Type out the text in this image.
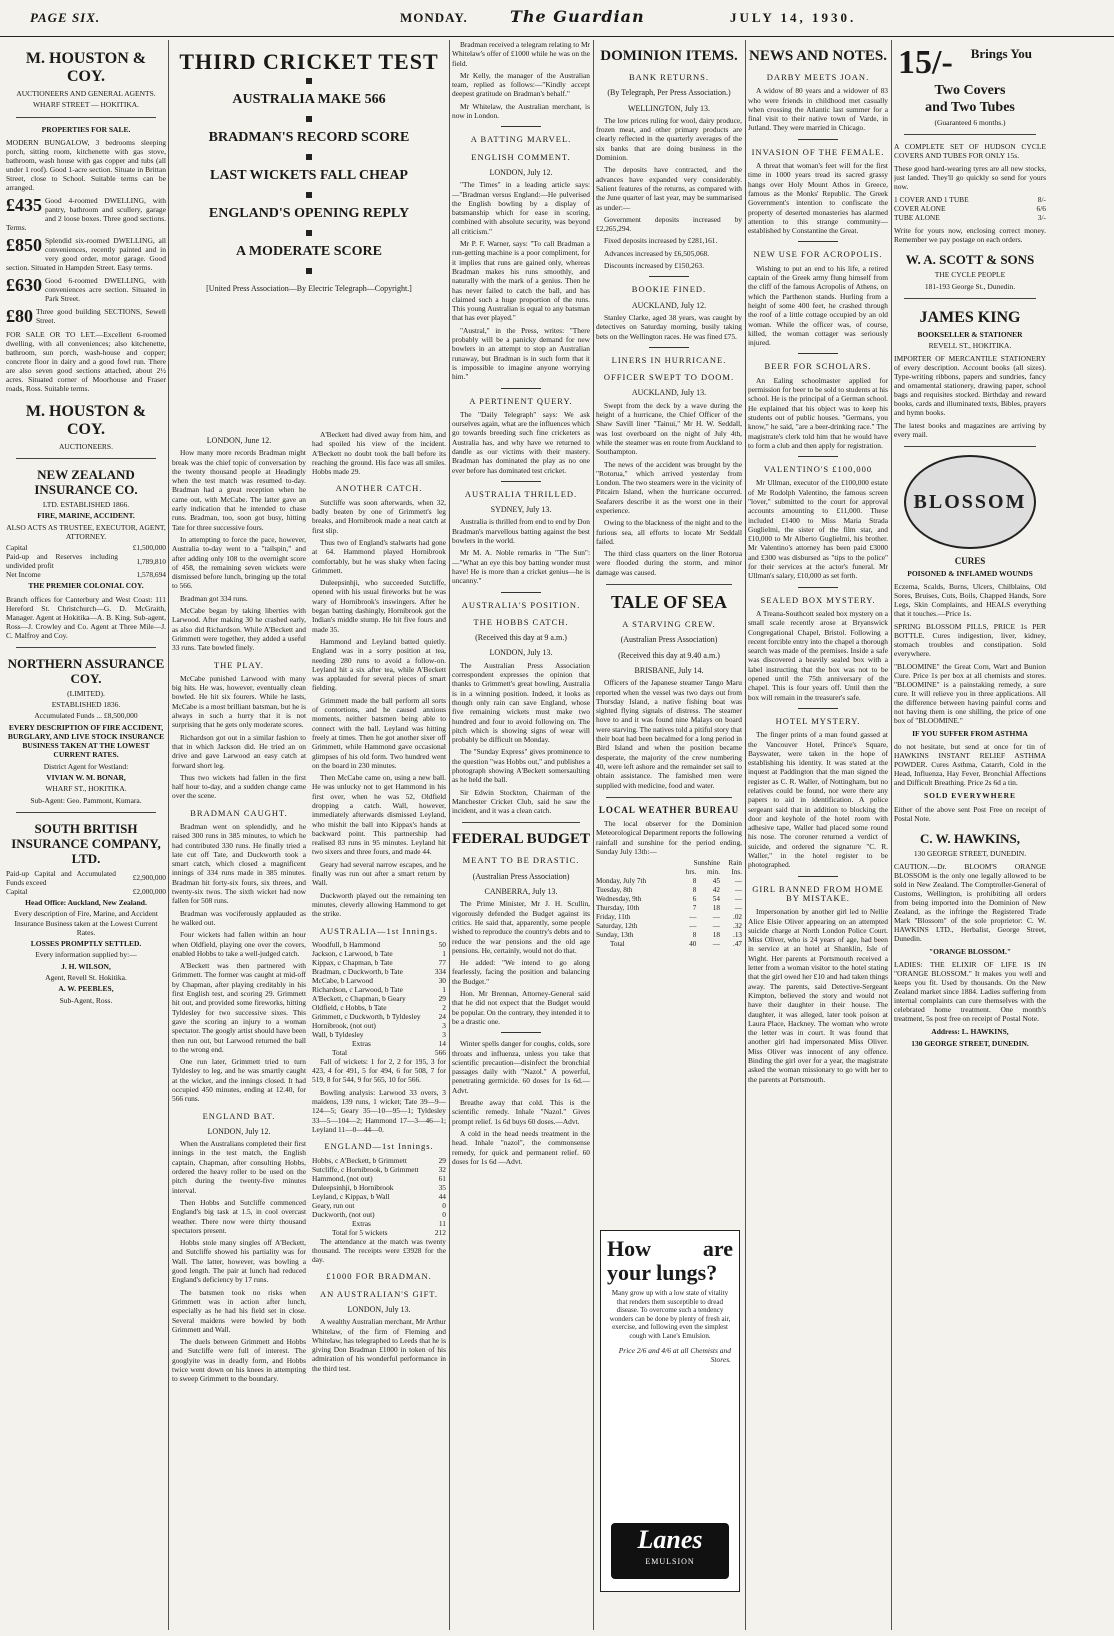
PAGE SIX.	MONDAY.	The Guardian	JULY 14, 1930.
M. HOUSTON & COY.
AUCTIONEERS AND GENERAL AGENTS.
WHARF STREET — HOKITIKA.
PROPERTIES FOR SALE.
MODERN BUNGALOW, 3 bedrooms sleeping porch, sitting room, kitchenette with gas stove, bathroom, wash house with gas copper and tubs (all under 1 roof). Good 1-acre section. Situate in Brittan Street, close to School. Suitable terms can be arranged.
£435 Good 4-roomed DWELLING, with pantry, bathroom and scullery, garage and 2 loose boxes. Three good sections. Terms.
£850 Splendid six-roomed DWELLING, all conveniences, recently painted and in very good order, motor garage. Good section. Situated in Hampden Street. Easy terms.
£630 Good 6-roomed DWELLING, with conveniences acre section. Situated in Park Street.
£80 Three good building SECTIONS, Sewell Street.
FOR SALE OR TO LET.—Excellent 6-roomed dwelling, with all conveniences; also kitchenette, bathroom, sun porch, wash-house and copper; concrete floor in dairy and a good fowl run. There are also seven good sections attached, about 2½ acres. Situated corner of Moorhouse and Fraser roads, Ross. Suitable terms.
M. HOUSTON & COY.
AUCTIONEERS.
NEW ZEALAND INSURANCE CO.
LTD. ESTABLISHED 1866.
FIRE, MARINE, ACCIDENT.
ALSO ACTS AS TRUSTEE, EXECUTOR, AGENT, ATTORNEY.
Capital	£1,500,000
Paid-up and Reserves including undivided profit	1,789,810
Net Income	1,578,694
THE PREMIER COLONIAL COY.
Branch offices for Canterbury and West Coast: 111 Hereford St. Christchurch—G. D. McGraith, Manager. Agent at Hokitika—A. B. King. Sub-agent, Ross—J. Crowley and Co. Agent at Three Mile—J. C. Malfroy and Coy.
NORTHERN ASSURANCE COY.
(LIMITED).
ESTABLISHED 1836.
Accumulated Funds ... £8,500,000
EVERY DESCRIPTION OF FIRE ACCIDENT, BURGLARY, AND LIVE STOCK INSURANCE BUSINESS TAKEN AT THE LOWEST CURRENT RATES.
District Agent for Westland:
VIVIAN W. M. BONAR,
WHARF ST., HOKITIKA.
Sub-Agent: Geo. Pammont, Kumara.
SOUTH BRITISH INSURANCE COMPANY, LTD.
Paid-up Capital and Accumulated Funds exceed	£2,900,000
Capital	£2,000,000
Head Office: Auckland, New Zealand.
Every description of Fire, Marine, and Accident Insurance Business taken at the Lowest Current Rates.
LOSSES PROMPTLY SETTLED.
Every information supplied by:—
J. H. WILSON,
Agent, Revell St. Hokitika.
A. W. PEEBLES,
Sub-Agent, Ross.
THIRD CRICKET TEST
AUSTRALIA MAKE 566
BRADMAN'S RECORD SCORE
LAST WICKETS FALL CHEAP
ENGLAND'S OPENING REPLY
A MODERATE SCORE
[United Press Association—By Electric Telegraph—Copyright.]
LONDON, June 12.

How many more records Bradman might break was the chief topic of conversation by the twenty thousand people at Headingly when the test match was resumed to-day. Bradman had a great reception when he came out, with McCabe. The latter gave an early indication that he intended to chase runs. Bradman, too, soon got busy, hitting Tate for three successive fours.

In attempting to force the pace, however, Australia to-day went to a "tailspin," and after adding only 108 to the overnight score of 458, the remaining seven wickets were dismissed before lunch, bringing up the total to 566.

Bradman got 334 runs.

McCabe began by taking liberties with Larwood. After making 30 he crashed early, as also did Richardson. While A'Beckett and Grimmett were together, they added a useful 33 runs. Tate bowled finely.

THE PLAY.

McCabe punished Larwood with many big hits. He was, however, eventually clean bowled. He hit six fourers. While he lasts, McCabe is a most brilliant batsman, but he is always in such a hurry that it is not surprising that he gets only moderate scores.

Richardson got out in a similar fashion to that in which Jackson did. He tried an on drive and gave Larwood an easy catch at forward short leg.

Thus two wickets had fallen in the first half hour to-day, and a sudden change came over the scene.

BRADMAN CAUGHT.

Bradman went on splendidly, and he raised 300 runs in 385 minutes, to which he had contributed 330 runs. He finally tried a late cut off Tate, and Duckworth took a smart catch, which closed a magnificent innings of 334 runs made in 385 minutes. Bradman hit forty-six fours, six threes, and twenty-six twos. The sixth wicket had now fallen for 508 runs.

Bradman was vociferously applauded as he walked out.

Four wickets had fallen within an hour when Oldfield, playing one over the covers, enabled Hobbs to take a well-judged catch.

A'Beckett was then partnered with Grimmett. The former was caught at mid-off by Chapman, after playing creditably in his first English test, and scoring 29. Grimmett hit out, and provided some fireworks, hitting Tyldesley for two successive sixes. This gave the scoring an injury to a woman spectator. The googly artist should have been then run out, but Larwood returned the ball to the wrong end.

One run later, Grimmett tried to turn Tyldesley to leg, and he was smartly caught at the wicket, and the innings closed. It had occupied 450 minutes, ending at 12.40, for 566 runs.

ENGLAND BAT.
LONDON, July 12.

When the Australians completed their first innings in the test match, the English captain, Chapman, after consulting Hobbs, ordered the heavy roller to be used on the pitch during the twenty-five minutes interval.

Then Hobbs and Sutcliffe commenced England's big task at 1.5, in cool overcast weather. There now were thirty thousand spectators present.

Hobbs stole many singles off A'Beckett, and Sutcliffe showed his partiality was for Wall. The latter, however, was bowling a good length. The pair at lunch had reduced England's deficiency by 17 runs.

The batsmen took no risks when Grimmett was in action after lunch, especially as he had his field set in close. Several maidens were bowled by both Grimmett and Wall.

The duels between Grimmett and Hobbs and Sutcliffe were full of interest. The googlyite was in deadly form, and Hobbs twice went down on his knees in attempting to sweep Grimmett to the boundary.

A'Beckett had dived away from him, and had spoiled his view of the incident. A'Beckett no doubt took the ball before its reaching the ground. His face was all smiles. Hobbs made 29.

ANOTHER CATCH.

Sutcliffe was soon afterwards, when 32, badly beaten by one of Grimmett's leg breaks, and Hornibrook made a neat catch at first slip.

Thus two of England's stalwarts had gone at 64. Hammond played Hornibrook comfortably, but he was shaky when facing Grimmett.

Duleepsinhji, who succeeded Sutcliffe, opened with his usual fireworks but he was wary of Hornibrook's inswingers. After he began batting dashingly, Hornibrook got the Indian's middle stump. He hit five fours and made 35.

Hammond and Leyland batted quietly. England was in a sorry position at tea, needing 280 runs to avoid a follow-on. Leyland hit a six after tea, while A'Beckett was applauded for several pieces of smart fielding.

Grimmett made the ball perform all sorts of contortions, and he caused anxious moments, neither batsmen being able to connect with the ball. Leyland was hitting freely at times. Then he got another sixer off Grimmett, while Hammond gave occasional glimpses of his old form. Two hundred went on the board in 230 minutes.

Then McCabe came on, using a new ball. He was unlucky not to get Hammond in his first over, when he was 52, Oldfield dropping a catch. Wall, however, immediately afterwards dismissed Leyland, who mishit the ball into Kippax's hands at backward point. This partnership had realised 83 runs in 95 minutes. Leyland hit two sixers and three fours, and made 44.

Geary had several narrow escapes, and he finally was run out after a smart return by Wall.

Duckworth played out the remaining ten minutes, cleverly allowing Hammond to get the strike.

AUSTRALIA—1st Innings.
Woodfull, b Hammond	50
Jackson, c Larwood, b Tate	1
Kippax, c Chapman, b Tate	77
Bradman, c Duckworth, b Tate	334
McCabe, b Larwood	30
Richardson, c Larwood, b Tate	1
A'Beckett, c Chapman, b Geary	29
Oldfield, c Hobbs, b Tate	2
Grimmett, c Duckworth, b Tyldesley	24
Hornibrook, (not out)	3
Wall, b Tyldesley	3
Extras	14
Total	566

Fall of wickets: 1 for 2, 2 for 195, 3 for 423, 4 for 491, 5 for 494, 6 for 508, 7 for 519, 8 for 544, 9 for 565, 10 for 566.

Bowling analysis: Larwood 33 overs, 3 maidens, 139 runs, 1 wicket; Tate 39—9—124—5; Geary 35—10—95—1; Tyldesley 33—5—104—2; Hammond 17—3—46—1; Leyland 11—0—44—0.

ENGLAND—1st Innings.
Hobbs, c A'Beckett, b Grimmett	29
Sutcliffe, c Hornibrook, b Grimmett	32
Hammond, (not out)	61
Duleepsinhji, b Hornibrook	35
Leyland, c Kippax, b Wall	44
Geary, run out	0
Duckworth, (not out)	0
Extras	11
Total for 5 wickets	212

The attendance at the match was twenty thousand. The receipts were £3928 for the day.

£1000 FOR BRADMAN.
AN AUSTRALIAN'S GIFT.
LONDON, July 13.

A wealthy Australian merchant, Mr Arthur Whitelaw, of the firm of Fleming and Whitelaw, has telegraphed to Leeds that he is giving Don Bradman £1000 in token of his admiration of his wonderful performance in the third test.

Bradman received a telegram relating to Mr Whitelaw's offer of £1000 while he was on the field.

Mr Kelly, the manager of the Australian team, replied as follows:—"Kindly accept deepest gratitude on Bradman's behalf."

Mr Whitelaw, the Australian merchant, is now in London.

A BATTING MARVEL.
ENGLISH COMMENT.
LONDON, July 12.

"The Times" in a leading article says:—"Bradman versus England:—He pulverised the English bowling by a display of batsmanship which for ease in scoring, combined with absolute security, was beyond all criticism."

Mr P. F. Warner, says: "To call Bradman a run-getting machine is a poor compliment, for it implies that runs are gained only, whereas Bradman makes his runs smoothly, and naturally with the mark of a genius. Then he has never failed to catch the ball, and has claimed such a huge proportion of the runs. This young Australian is equal to any batsman that has ever played."

"Austral," in the Press, writes: "There probably will be a panicky demand for new bowlers in an attempt to stop an Australian runaway, but Bradman is in such form that it is impossible to imagine anyone worrying him."

A PERTINENT QUERY.

The "Daily Telegraph" says: We ask ourselves again, what are the influences which go towards breeding such fine cricketers as Australia has, and why have we returned to dandle as our victims with their mastery. Bradman has dominated the play as no one ever before has dominated test cricket.

AUSTRALIA THRILLED.
SYDNEY, July 13.

Australia is thrilled from end to end by Don Bradman's marvellous batting against the best bowlers in the world.

Mr M. A. Noble remarks in "The Sun":—"What an eye this boy batting wonder must have! He is more than a cricket genius—he is uncanny."

AUSTRALIA'S POSITION.
THE HOBBS CATCH.
(Received this day at 9 a.m.)
LONDON, July 13.

The Australian Press Association correspondent expresses the opinion that thanks to Grimmett's great bowling, Australia is in a winning position. Indeed, it looks as though only rain can save England, whose five remaining wickets must make two hundred and four to avoid following on. The pitch which is showing signs of wear will probably be difficult on Monday.

The "Sunday Express" gives prominence to the question "was Hobbs out," and publishes a photograph showing A'Beckett somersaulting as he held the ball.

Sir Edwin Stockton, Chairman of the Manchester Cricket Club, said he saw the incident, and it was a clean catch.

FEDERAL BUDGET
MEANT TO BE DRASTIC.
(Australian Press Association)
CANBERRA, July 13.

The Prime Minister, Mr J. H. Scullin, vigorously defended the Budget against its critics. He said that, apparently, some people wished to reproduce the country's debts and to reduce the war pensions and the old age pensions. He, certainly, would not do that.

He added: "We intend to go along fearlessly, facing the position and balancing the Budget."

Hon. Mr Brennan, Attorney-General said that he did not expect that the Budget would be popular. On the contrary, they intended it to be a drastic one.

Winter spells danger for coughs, colds, sore throats and influenza, unless you take that scientific precaution—disinfect the bronchial passages daily with "Nazol." A powerful, penetrating germicide. 60 doses for 1s 6d.—Advt.

Breathe away that cold. This is the scientific remedy. Inhale "Nazol." Gives prompt relief. 1s 6d buys 60 doses.—Advt.

A cold in the head needs treatment in the head. Inhale "nazol", the commonsense remedy, for quick and permanent relief. 60 doses for 1s 6d —Advt.

DOMINION ITEMS.
BANK RETURNS.
(By Telegraph, Per Press Association.)
WELLINGTON, July 13.

The low prices ruling for wool, dairy produce, frozen meat, and other primary products are clearly reflected in the quarterly averages of the six banks that are doing business in the Dominion.

The deposits have contracted, and the advances have expanded very considerably. Salient features of the returns, as compared with the June quarter of last year, may be summarised as under:—

Government deposits increased by £2,265,294.

Fixed deposits increased by £281,161.

Advances increased by £6,505,068.

Discounts increased by £150,263.

BOOKIE FINED.
AUCKLAND, July 12.

Stanley Clarke, aged 38 years, was caught by detectives on Saturday morning, busily taking bets on the Wellington races. He was fined £75.

LINERS IN HURRICANE.
OFFICER SWEPT TO DOOM.
AUCKLAND, July 13.

Swept from the deck by a wave during the height of a hurricane, the Chief Officer of the Shaw Savill liner "Tainui," Mr H. W. Seddall, was lost overboard on the night of July 4th, while the steamer was en route from Auckland to Southampton.

The news of the accident was brought by the "Rotorua," which arrived yesterday from London. The two steamers were in the vicinity of Pitcairn Island, when the hurricane occurred. Seafarers describe it as the worst one in their experience.

Owing to the blackness of the night and to the furious sea, all efforts to locate Mr Seddall failed.

The third class quarters on the liner Rotorua were flooded during the storm, and minor damage was caused.

TALE OF SEA
A STARVING CREW.
(Australian Press Association)
(Received this day at 9.40 a.m.)
BRISBANE, July 14.

Officers of the Japanese steamer Tango Maru reported when the vessel was two days out from Thursday Island, a native fishing boat was sighted flying signals of distress. The steamer hove to and it was found nine Malays on board were starving. The natives told a pitiful story that their boat had been becalmed for a long period in Bird Island and when the position became desperate, the majority of the crew numbering 40, were left ashore and the remainder set sail to obtain assistance. The famished men were supplied with medicine, food and water.

LOCAL WEATHER BUREAU

The local observer for the Dominion Meteorological Department reports the following rainfall and sunshine for the period ending, Sunday July 13th:—

	Sunshine		Rain
	hrs.	min.	Ins.
Monday, July 7th	8	45	—
Tuesday, 8th	8	42	—
Wednesday, 9th	6	54	—
Thursday, 10th	7	18	—
Friday, 11th	—	—	.02
Saturday, 12th	—	—	.32
Sunday, 13th	8	18	.13
Total	40	—	.47
How are your lungs?
Many grow up with a low state of vitality that renders them susceptible to dread disease. To overcome such a tendency wonders can be done by plenty of fresh air, exercise, and following even the simplest cough with Lane's Emulsion.
Price 2/6 and 4/6 at all Chemists and Stores.
Lanes
EMULSION
NEWS AND NOTES.
DARBY MEETS JOAN.

A widow of 80 years and a widower of 83 who were friends in childhood met casually when crossing the Atlantic last summer for a final visit to their native town of Varde, in Jutland. They were married in Chicago.

INVASION OF THE FEMALE.

A threat that woman's feet will for the first time in 1000 years tread its sacred grassy hangs over Holy Mount Athos in Greece, famous as the Monks' Republic. The Greek Government's intention to confiscate the property of deserted monasteries has alarmed attention to this strange community—established by Constantine the Great.

NEW USE FOR ACROPOLIS.

Wishing to put an end to his life, a retired captain of the Greek army flung himself from the cliff of the famous Acropolis of Athens, on which the Parthenon stands. Hurling from a height of some 400 feet, he crashed through the roof of a little cottage occupied by an old woman. While the officer was, of course, killed, the woman cottager was seriously injured.

BEER FOR SCHOLARS.

An Ealing schoolmaster applied for permission for beer to be sold to students at his school. He is the principal of a German school. He explained that his object was to keep his students out of public houses. "Germans, you know," he said, "are a beer-drinking race." The magistrate's clerk told him that he would have to form a club and then apply for registration.

VALENTINO'S £100,000

Mr Ullman, executor of the £100,000 estate of Mr Rodolph Valentino, the famous screen "lover," submitted to the court for approval accounts amounting to £11,000. These included £1400 to Miss Maria Strada Guglielmi, the sister of the film star, and £10,000 to Mr Alberto Guglielmi, his brother. Mr Valentino's attorney has been paid £3000 and £300 was disbursed as "tips to the police" for their services at the actor's funeral. Mr Ullman's salary, £10,000 as set forth.

SEALED BOX MYSTERY.

A Treana-Southcott sealed box mystery on a small scale recently arose at Bryanswick Congregational Chapel, Bristol. Following a recent forcible entry into the chapel a thorough search was made of the premises. Inside a safe was discovered a heavily sealed box with a label instructing that the box was not to be opened until the 75th anniversary of the chapel. This is four years off. Until then the box will remain in the treasurer's safe.

HOTEL MYSTERY.

The finger prints of a man found gassed at the Vancouver Hotel, Prince's Square, Bayswater, were taken in the hope of establishing his identity. It was stated at the inquest at Paddington that the man signed the register as C. R. Waller, of Nottingham, but no relatives could be found, nor were there any papers to aid in identification. A police sergeant said that in addition to blocking the door and keyhole of the hotel room with adhesive tape, Waller had placed some round his nose. The coroner returned a verdict of suicide, and ordered the signature "C. R. Waller," in the hotel register to be photographed.

GIRL BANNED FROM HOME BY MISTAKE.

Impersonation by another girl led to Nellie Alice Elsie Oliver appearing on an attempted suicide charge at North London Police Court. Miss Oliver, who is 24 years of age, had been in service at an hotel at Shanklin, Isle of Wight. Her parents at Portsmouth received a letter from a woman visitor to the hotel stating that the girl owed her £10 and had taken things away. The parents, said Detective-Sergeant Kimpton, believed the story and would not have their daughter in their house. The daughter, it was alleged, later took poison at Laura Place, Hackney. The woman who wrote the letter was in court. It was found that another girl had impersonated Miss Oliver. Miss Oliver was innocent of any offence. Binding the girl over for a year, the magistrate asked the woman missionary to go with her to the parents at Portsmouth.

15/-	Brings You
Two Covers
and Two Tubes
(Guaranteed 6 months.)
A COMPLETE SET OF HUDSON CYCLE COVERS AND TUBES FOR ONLY 15s.
These good hard-wearing tyres are all new stocks, just landed. They'll go quickly so send for yours now.
1 COVER AND 1 TUBE	8/-
COVER ALONE	6/6
TUBE ALONE	3/-
Write for yours now, enclosing correct money. Remember we pay postage on each orders.
W. A. SCOTT & SONS
THE CYCLE PEOPLE
181-193 George St., Dunedin.
JAMES KING
BOOKSELLER & STATIONER
REVELL ST., HOKITIKA.
IMPORTER OF MERCANTILE STATIONERY of every description. Account books (all sizes). Type-writing ribbons, papers and sundries, fancy and ornamental stationery, drawing paper, school bags and requisites stocked. Birthday and reward books, cards and illuminated texts, Bibles, prayers and hymn books.
The latest books and magazines are arriving by every mail.
BLOSSOM
CURES
POISONED & INFLAMED WOUNDS
Eczema, Scalds, Burns, Ulcers, Chilblains, Old Sores, Bruises, Cuts, Boils, Chapped Hands, Sore Legs, Skin Complaints, and HEALS everything that it touches.—Price 1s.
SPRING BLOSSOM PILLS, PRICE 1s PER BOTTLE. Cures indigestion, liver, kidney, stomach troubles and constipation. Sold everywhere.
"BLOOMINE" the Great Corn, Wart and Bunion Cure. Price 1s per box at all chemists and stores. "BLOOMINE" is a painstaking remedy, a sure cure. It will relieve you in three applications. All the difference between having painful corns and not having them is one shilling, the price of one box of "BLOOMINE."
IF YOU SUFFER FROM ASTHMA
do not hesitate, but send at once for tin of HAWKINS INSTANT RELIEF ASTHMA POWDER. Cures Asthma, Catarrh, Cold in the Head, Influenza, Hay Fever, Bronchial Affections and Difficult Breathing. Price 2s 6d a tin.
SOLD EVERYWHERE
Either of the above sent Post Free on receipt of Postal Note.
C. W. HAWKINS,
130 GEORGE STREET, DUNEDIN.
CAUTION.—Dr. BLOOM'S ORANGE BLOSSOM is the only one legally allowed to be sold in New Zealand. The Comptroller-General of Customs, Wellington, is prohibiting all orders from being imported into the Dominion of New Zealand, as the infringe the Registered Trade Mark "Blossom" of the sole proprietor: C. W. HAWKINS LTD., Herbalist, George Street, Dunedin.
"ORANGE BLOSSOM."
LADIES: THE ELIXIR OF LIFE IS IN "ORANGE BLOSSOM." It makes you well and keeps you fit. Used by thousands. On the New Zealand market since 1884. Ladies suffering from internal complaints can cure themselves with the celebrated home treatment. One month's treatment, 5s post free on receipt of Postal Note.
Address: L. HAWKINS,
130 GEORGE STREET, DUNEDIN.
